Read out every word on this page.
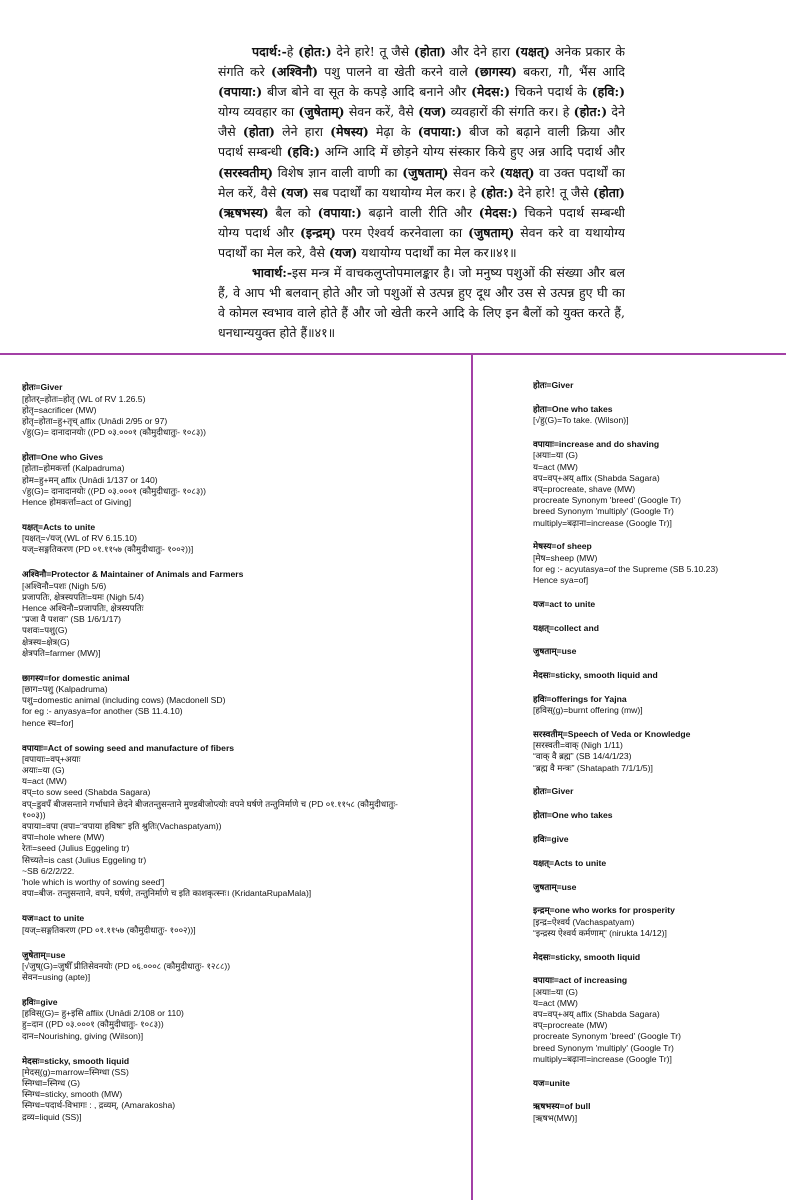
पदार्थ:-हे (होत:) देने हारे! तू जैसे (होता) और देने हारा (यक्षत्) अनेक प्रकार के
संगति करे (अश्विनौ) पशु पालने वा खेती करने वाले (छागस्य) बकरा, गौ, भैंस आदि
(वपाया:) बीज बोने वा सूत के कपड़े आदि बनाने और (मेदस:) चिकने पदार्थ के (हवि:)
योग्य व्यवहार का (जुषेताम्) सेवन करें, वैसे (यज) व्यवहारों की संगति कर। हे (होत:) देने
जैसे (होता) लेने हारा (मेषस्य) मेढ़ा के (वपाया:) बीज को बढ़ाने वाली क्रिया और
पदार्थ सम्बन्धी (हवि:) अग्नि आदि में छोड़ने योग्य संस्कार किये हुए अन्न आदि पदार्थ और
(सरस्वतीम्) विशेष ज्ञान वाली वाणी का (जुषताम्) सेवन करे (यक्षत्) वा उक्त पदार्थों का
मेल करें, वैसे (यज) सब पदार्थों का यथायोग्य मेल कर। हे (होत:) देने हारे! तू जैसे (होता)
(ऋषभस्य) बैल को (वपाया:) बढ़ाने वाली रीति और (मेदस:) चिकने पदार्थ सम्बन्धी
योग्य पदार्थ और (इन्द्रम्) परम ऐश्वर्य करनेवाला का (जुषताम्) सेवन करे वा यथायोग्य
पदार्थों का मेल करे, वैसे (यज) यथायोग्य पदार्थों का मेल कर॥४१॥
भावार्थ:-इस मन्त्र में वाचकलुप्तोपमालङ्कार है। जो मनुष्य पशुओं की संख्या और बल
हैं, वे आप भी बलवान् होते और जो पशुओं से उत्पन्न हुए दूध और उस से उत्पन्न हुए घी का
वे कोमल स्वभाव वाले होते हैं और जो खेती करने आदि के लिए इन बैलों को युक्त करते हैं,
धनधान्ययुक्त होते हैं॥४१॥
होतः=Giver
[होतर्=होतः=होतृ (WL of RV 1.26.5)
होतृ=sacrificer (MW)
होतृ=होता=हु+तृच् affix (Unādi 2/95 or 97)
√हु(G)= दानादानयोः ((PD ०३.०००१ (कौमुदीधातुः- १०८३))
होता=One who Gives
[होता=होमकर्त्ता (Kalpadruma)
होम=हु+मन् affix (Unādi 1/137 or 140)
√हु(G)= दानादानयोः ((PD ०३.०००१ (कौमुदीधातुः- १०८३))
Hence होमकर्त्ता=act of Giving]
यक्षत्=Acts to unite
[यक्षत्=√यज् (WL of RV 6.15.10)
यज्=सङ्गतिकरण (PD ०१.११५७ (कौमुदीधातुः- १००२))]
अश्विनौ=Protector & Maintainer of Animals and Farmers
[अश्विनौ=पशः (Nigh 5/6)
प्रजापतिः, क्षेत्रस्यपतिः=यमः (Nigh 5/4)
Hence अश्विनौ=प्रजापतिः, क्षेत्रस्यपतिः
“प्रजा वै पशवः” (SB 1/6/1/17)
पशवः=पशु(G)
क्षेत्रस्य=क्षेत्र(G)
क्षेत्रपति=farmer (MW)]
छागस्य=for domestic animal
[छाग=पशु (Kalpadruma)
पशु=domestic animal (including cows) (Macdonell SD)
for eg :- anyasya=for another (SB 11.4.10)
hence स्य=for]
वपायाः=Act of sowing seed and manufacture of fibers
[वपायाः=वप्+अयाः
अयाः=या (G)
य=act (MW)
वप्=to sow seed (Shabda Sagara)
वप्=डुवपँ बीजसन्ताने गर्भाधाने छेदने बीजतन्तुसन्ताने मुण्डबीजोप्त्योः वपने घर्षणे तन्तुनिर्माणे च (PD ०१.११५८ (कौमुदीधातुः-
१००३))
वपाया=वपा (वपा=“वपाया हविषः” इति श्रुतिः(Vachaspatyam))
वपा=hole where (MW)
रेतः=seed (Julius Eggeling tr)
सिच्यते=is cast (Julius Eggeling tr)
~SB 6/2/2/22.
'hole which is worthy of sowing seed']
वपा=बीज- तन्तुसन्ताने, वपने, घर्षणे, तन्तुनिर्माणे च इति काशकृत्स्नः। (KridantaRupaMala)]
यज=act to unite
[यज्=सङ्गतिकरण (PD ०१.११५७ (कौमुदीधातुः- १००२))]
जुषेताम्=use
[√जुष्(G)=जुषीँ प्रीतिसेवनयोः (PD ०६.०००८ (कौमुदीधातुः- १२८८))
सेवन=using (apte)]
हविः=give
[हविस्(G)= हु+इसि affiix (Unādi 2/108 or 110)
हु=दान ((PD ०३.०००१ (कौमुदीधातुः- १०८३))
दान=Nourishing, giving (Wilson)]
मेदसः=sticky, smooth liquid
[मेदस्(g)=marrow=स्निग्धा (SS)
स्निग्धा=स्निग्ध (G)
स्निग्ध=sticky, smooth (MW)
स्निग्ध=पदार्थ-विभागः : , द्रव्यम्, (Amarakosha)
द्रव्य=liquid (SS)]
होतः=Giver
होता=One who takes
[√हु(G)=To take. (Wilson)]
वपायाः=increase and do shaving
[अयाः=या (G)
य=act (MW)
वप=वप्+अय् affix (Shabda Sagara)
वप्=procreate, shave (MW)
procreate Synonym 'breed' (Google Tr)
breed Synonym 'multiply' (Google Tr)
multiply=बढ़ाना=increase (Google Tr)]
मेषस्य=of sheep
[मेष=sheep (MW)
for eg :- acyutasya=of the Supreme (SB 5.10.23)
Hence sya=of]
यज=act to unite
यक्षत्=collect and
जुषताम्=use
मेदसः=sticky, smooth liquid and
हविः=offerings for Yajna
[हविस्(g)=burnt offering (mw)]
सरस्वतीम्=Speech of Veda or Knowledge
[सरस्वती=वाक् (Nigh 1/11)
“वाक् वै ब्रह्म” (SB 14/4/1/23)
“ब्रह्म वै मन्त्रः” (Shatapath 7/1/1/5)]
होतः=Giver
होता=One who takes
हविः=give
यक्षत्=Acts to unite
जुषताम्=use
इन्द्रम्=one who works for prosperity
[इन्द्र=ऐश्वर्य (Vachaspatyam)
“इन्द्रस्य ऐश्वर्य कर्मणाम्” (nirukta 14/12)]
मेदसः=sticky, smooth liquid
वपायाः=act of increasing
[अयाः=या (G)
य=act (MW)
वप=वप्+अय् affix (Shabda Sagara)
वप्=procreate (MW)
procreate Synonym 'breed' (Google Tr)
breed Synonym 'multiply' (Google Tr)
multiply=बढ़ाना=increase (Google Tr)]
यज=unite
ऋषभस्य=of bull
[ऋषभ(MW)]
